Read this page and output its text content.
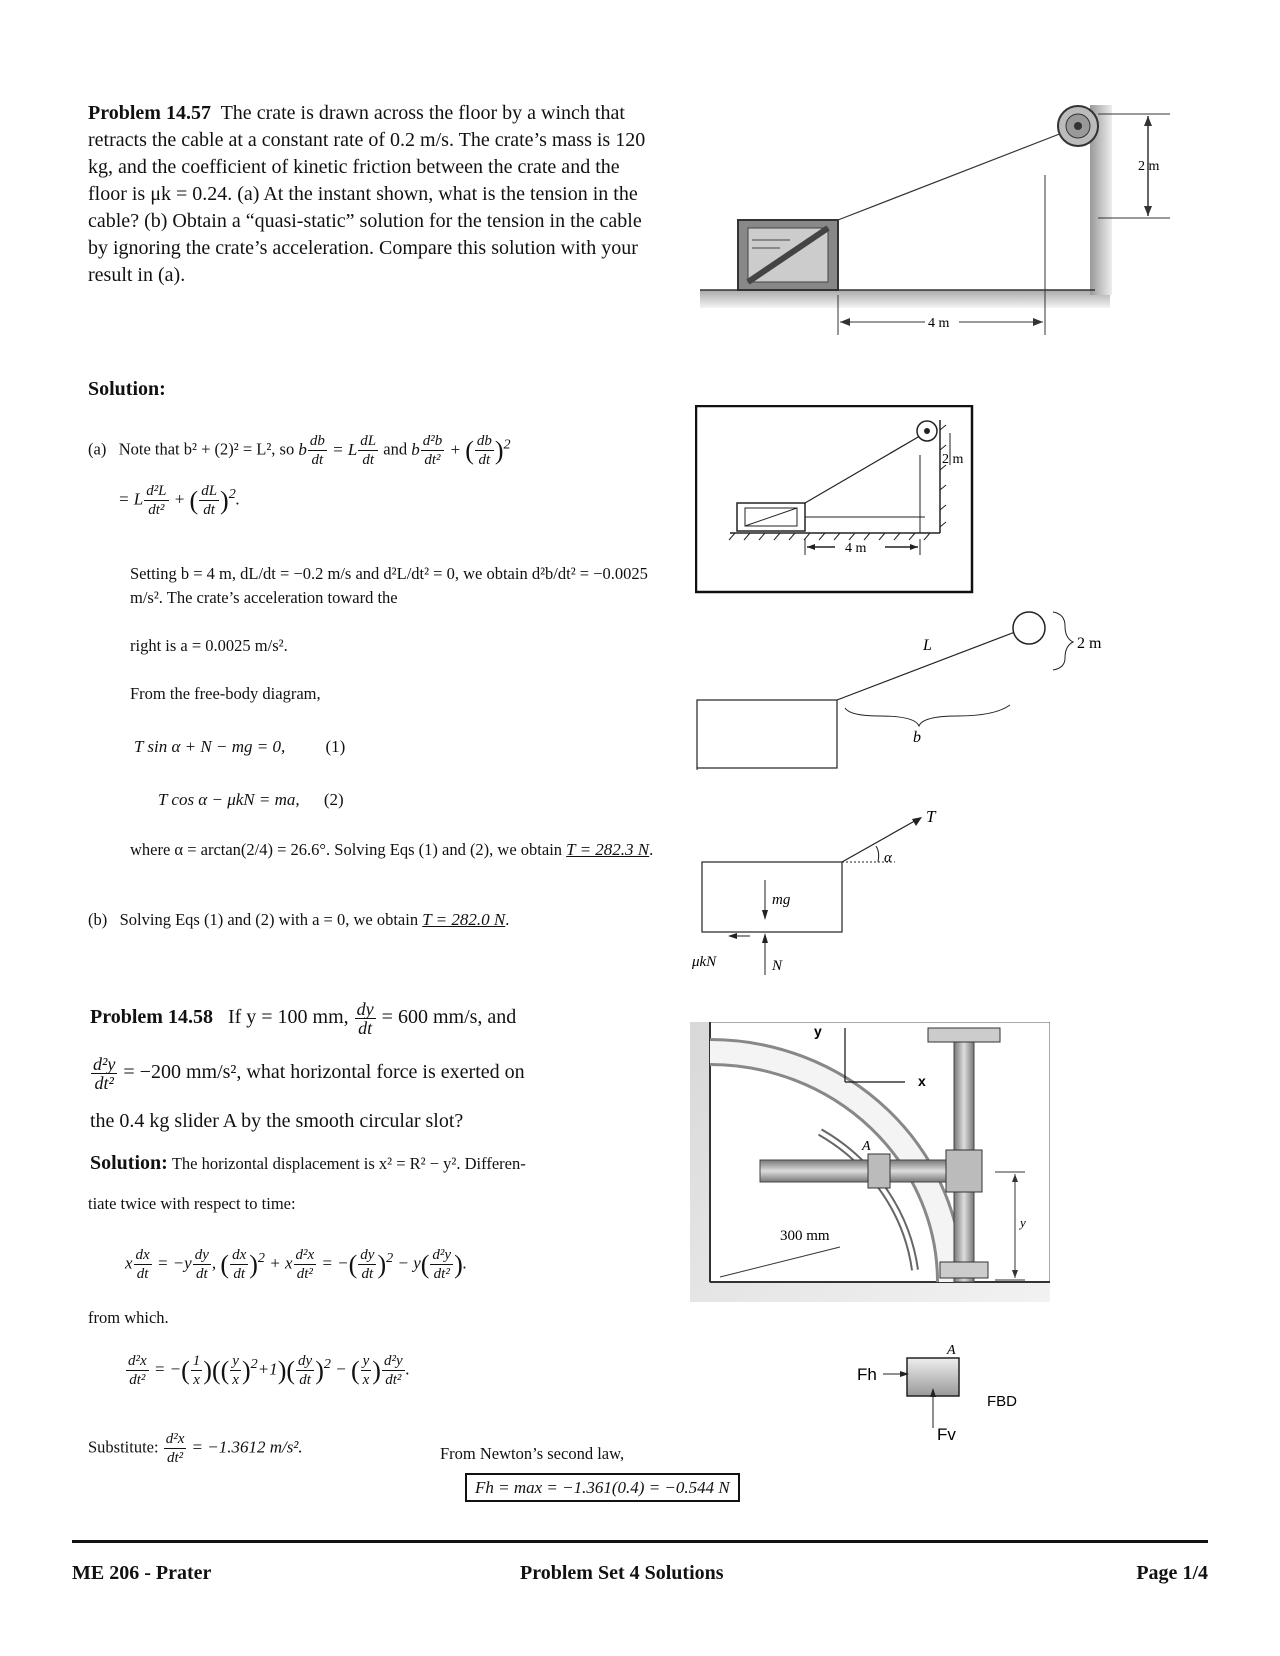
Problem 14.57 The crate is drawn across the floor by a winch that retracts the cable at a constant rate of 0.2 m/s. The crate’s mass is 120 kg, and the coefficient of kinetic friction between the crate and the floor is μk = 0.24. (a) At the instant shown, what is the tension in the cable? (b) Obtain a “quasi-static” solution for the tension in the cable by ignoring the crate’s acceleration. Compare this solution with your result in (a).
Solution:
(a) Note that b² + (2)² = L², so b $\frac{db}{dt} = L \frac{dL}{dt}$ and b $\frac{\text{d²b}}{\text{dt²}}$ + ( $\frac{db}{dt} )^2$
= L $\frac{\text{d²L}}{\text{dt²}}$ + ( $\frac{dL}{dt} )^2$.
Setting b = 4 m, dL/dt = −0.2 m/s and d²L/dt² = 0, we obtain d²b/dt² = −0.0025 m/s². The crate’s acceleration toward the
right is a = 0.0025 m/s².
From the free-body diagram,
T sin α + N − mg = 0, (1)
T cos α − μkN = ma, (2)
where α = arctan(2/4) = 26.6°. Solving Eqs (1) and (2), we obtain T = 282.3 N.
(b) Solving Eqs (1) and (2) with a = 0, we obtain T = 282.0 N.
2 m
4 m
2 m
4 m
L
b
2 m
T
α
mg
N
μkN
Problem 14.58 If y = 100 mm, $\frac{dy}{dt} = 600$ mm/s, and
$\frac{\text{d²y}}{\text{dt²}} = -200$ mm/s², what horizontal force is exerted on
the 0.4 kg slider A by the smooth circular slot?
Solution: The horizontal displacement is x² = R² − y². Differen-
tiate twice with respect to time:
x $\frac{dx}{dt} = -y \frac{dy}{dt}$ , ( $\frac{dx}{dt} )^2 + x \frac{\text{d²x}}{\text{dt²}}$ = −( $\frac{dy}{dt} )^2 - y( \frac{\text{d²y}}{\text{dt²}}$ ).
from which.
$\frac{\text{d²x}}{\text{dt²}}$ = −( $\frac{1}{x}$ )(( $\frac{y}{x} )^2+1)( \frac{dy}{dt} )^2$ − ( $\frac{y}{x}$ ) $\frac{\text{d²y}}{\text{dt²}}$ .
Substitute: $\frac{\text{d²x}}{\text{dt²}} = -1.3612$ m/s².	From Newton’s second law,
Fh = max = −1.361(0.4) = −0.544 N
A
y
x
y
300 mm
A
Fh
Fv
FBD
ME 206 - Prater	Problem Set 4 Solutions	Page 1/4
